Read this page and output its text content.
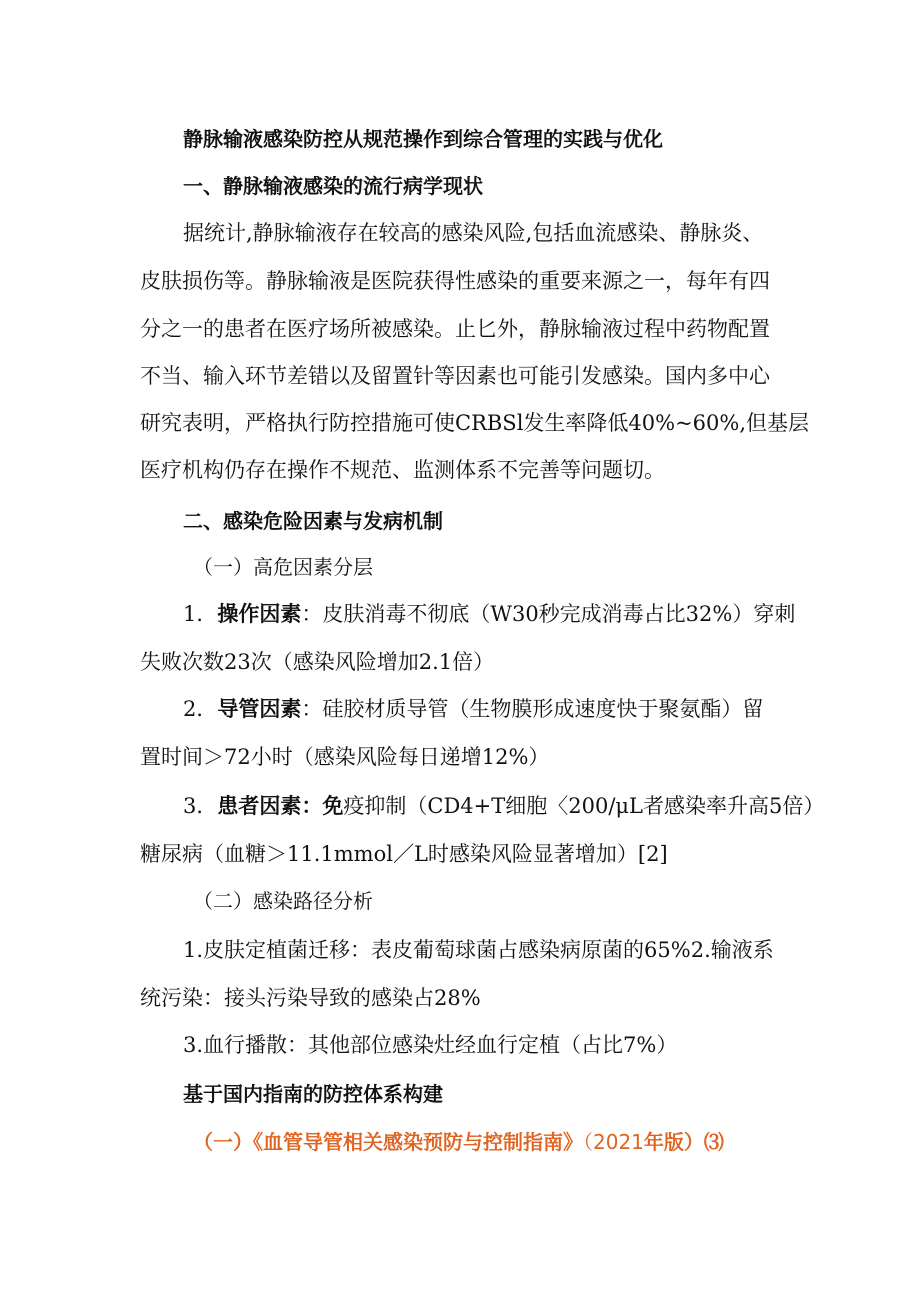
静脉输液感染防控从规范操作到综合管理的实践与优化
一、静脉输液感染的流行病学现状
据统计,静脉输液存在较高的感染风险,包括血流感染、静脉炎、
皮肤损伤等。静脉输液是医院获得性感染的重要来源之一，每年有四
分之一的患者在医疗场所被感染。止匕外，静脉输液过程中药物配置
不当、输入环节差错以及留置针等因素也可能引发感染。国内多中心
研究表明，严格执行防控措施可使CRBSl发生率降低40%~60%,但基层
医疗机构仍存在操作不规范、监测体系不完善等问题切。
二、感染危险因素与发病机制
（一）高危因素分层
1．操作因素：皮肤消毒不彻底（W30秒完成消毒占比32%）穿刺
失败次数23次（感染风险增加2.1倍）
2．导管因素：硅胶材质导管（生物膜形成速度快于聚氨酯）留
置时间＞72小时（感染风险每日递增12%）
3．患者因素：免疫抑制（CD4+T细胞〈200/μL者感染率升高5倍）
糖尿病（血糖＞11.1mmol／L时感染风险显著增加）[2]
（二）感染路径分析
1.皮肤定植菌迁移：表皮葡萄球菌占感染病原菌的65%2.输液系
统污染：接头污染导致的感染占28%
3.血行播散：其他部位感染灶经血行定植（占比7%）
基于国内指南的防控体系构建
（一）《血管导管相关感染预防与控制指南》（2021年版）⑶
